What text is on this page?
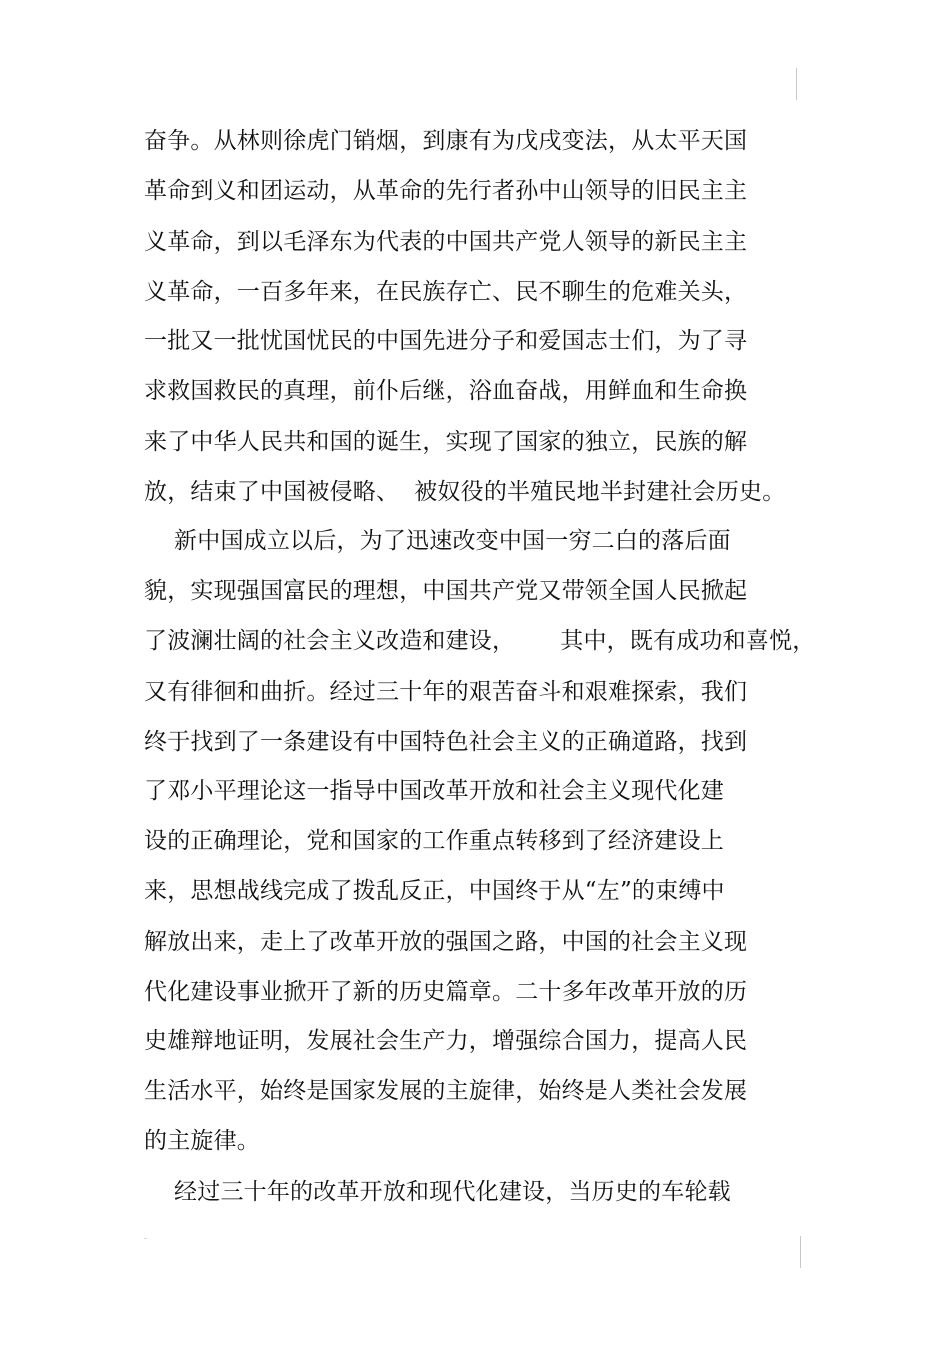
奋争。从林则徐虎门销烟，到康有为戊戌变法，从太平天国
革命到义和团运动，从革命的先行者孙中山领导的旧民主主
义革命，到以毛泽东为代表的中国共产党人领导的新民主主
义革命，一百多年来，在民族存亡、民不聊生的危难关头，
一批又一批忧国忧民的中国先进分子和爱国志士们，为了寻
求救国救民的真理，前仆后继，浴血奋战，用鲜血和生命换
来了中华人民共和国的诞生，实现了国家的独立，民族的解
放，结束了中国被侵略、  被奴役的半殖民地半封建社会历史。
新中国成立以后，为了迅速改变中国一穷二白的落后面
貌，实现强国富民的理想，中国共产党又带领全国人民掀起
了波澜壮阔的社会主义改造和建设，      其中，既有成功和喜悦，
又有徘徊和曲折。经过三十年的艰苦奋斗和艰难探索，我们
终于找到了一条建设有中国特色社会主义的正确道路，找到
了邓小平理论这一指导中国改革开放和社会主义现代化建
设的正确理论，党和国家的工作重点转移到了经济建设上
来，思想战线完成了拨乱反正，中国终于从“左”的束缚中
解放出来，走上了改革开放的强国之路，中国的社会主义现
代化建设事业掀开了新的历史篇章。二十多年改革开放的历
史雄辩地证明，发展社会生产力，增强综合国力，提高人民
生活水平，始终是国家发展的主旋律，始终是人类社会发展
的主旋律。
经过三十年的改革开放和现代化建设，当历史的车轮载
